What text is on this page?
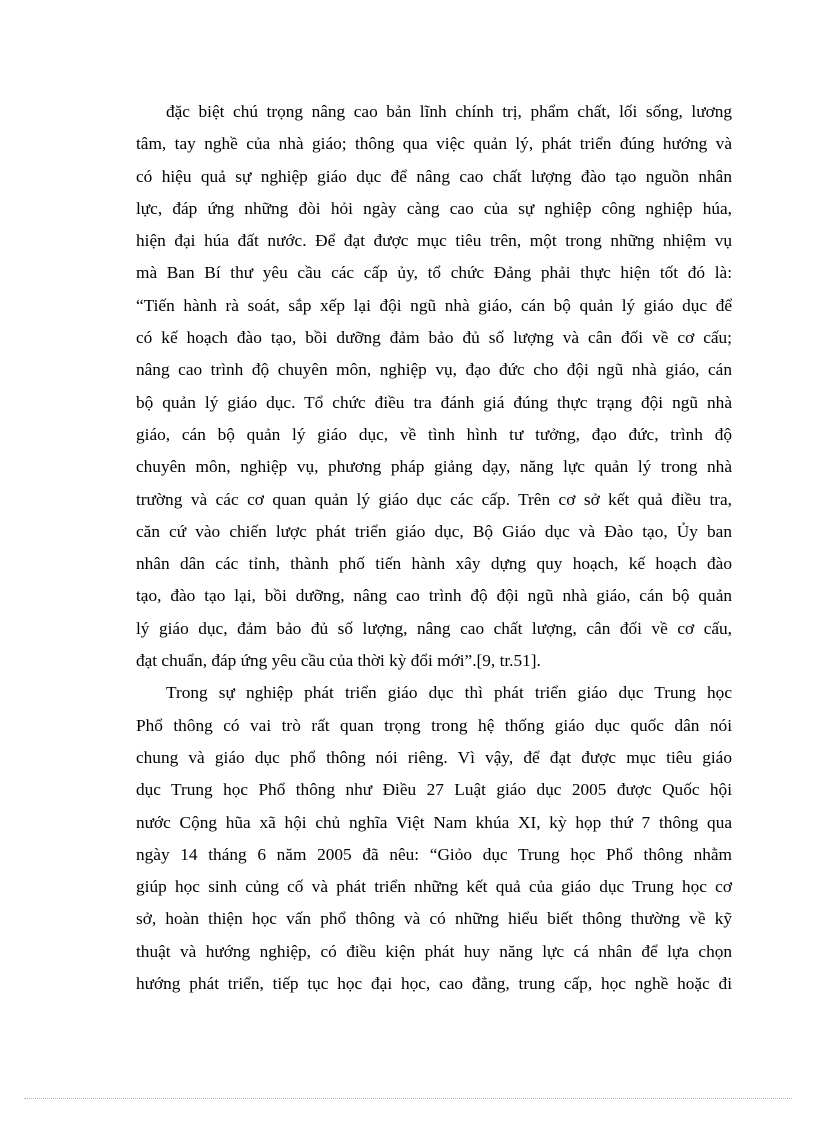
đặc biệt chú trọng nâng cao bản lĩnh chính trị, phẩm chất, lối sống, lương
tâm, tay nghề của nhà giáo; thông qua việc quản lý, phát triển đúng hướng và
có hiệu quả sự nghiệp giáo dục để nâng cao chất lượng đào tạo nguồn nhân
lực, đáp ứng những đòi hỏi ngày càng cao của sự nghiệp công nghiệp húa,
hiện đại húa đất nước. Để đạt được mục tiêu trên, một trong những nhiệm vụ
mà Ban Bí thư yêu cầu các cấp ủy, tổ chức Đảng phải thực hiện tốt đó là:
“Tiến hành rà soát, sắp xếp lại đội ngũ nhà giáo, cán bộ quản lý giáo dục để
có kế hoạch đào tạo, bồi dưỡng đảm bảo đủ số lượng và cân đối về cơ cấu;
nâng cao trình độ chuyên môn, nghiệp vụ, đạo đức cho đội ngũ nhà giáo, cán
bộ quản lý giáo dục. Tổ chức điều tra đánh giá đúng thực trạng đội ngũ nhà
giáo, cán bộ quản lý giáo dục, về tình hình tư tưởng, đạo đức, trình độ
chuyên môn, nghiệp vụ, phương pháp giảng dạy, năng lực quản lý trong nhà
trường và các cơ quan quản lý giáo dục các cấp. Trên cơ sở kết quả điều tra,
căn cứ vào chiến lược phát triển giáo dục, Bộ Giáo dục và Đào tạo, Ủy ban
nhân dân các tỉnh, thành phố tiến hành xây dựng quy hoạch, kế hoạch đào
tạo, đào tạo lại, bồi dưỡng, nâng cao trình độ đội ngũ nhà giáo, cán bộ quản
lý giáo dục, đảm bảo đủ số lượng, nâng cao chất lượng, cân đối về cơ cấu,
đạt chuẩn, đáp ứng yêu cầu của thời kỳ đổi mới”.[9, tr.51].
Trong sự nghiệp phát triển giáo dục thì phát triển giáo dục Trung học
Phổ thông có vai trò rất quan trọng trong hệ thống giáo dục quốc dân nói
chung và giáo dục phổ thông nói riêng. Vì vậy, để đạt được mục tiêu giáo
dục Trung học Phổ thông như Điều 27 Luật giáo dục 2005 được Quốc hội
nước Cộng hũa xã hội chủ nghĩa Việt Nam khúa XI, kỳ họp thứ 7 thông qua
ngày 14 tháng 6 năm 2005 đã nêu: “Giỏo dục Trung học Phổ thông nhằm
giúp học sinh củng cố và phát triển những kết quả của giáo dục Trung học cơ
sở, hoàn thiện học vấn phổ thông và có những hiểu biết thông thường về kỹ
thuật và hướng nghiệp, có điều kiện phát huy năng lực cá nhân để lựa chọn
hướng phát triển, tiếp tục học đại học, cao đẳng, trung cấp, học nghề hoặc đi
